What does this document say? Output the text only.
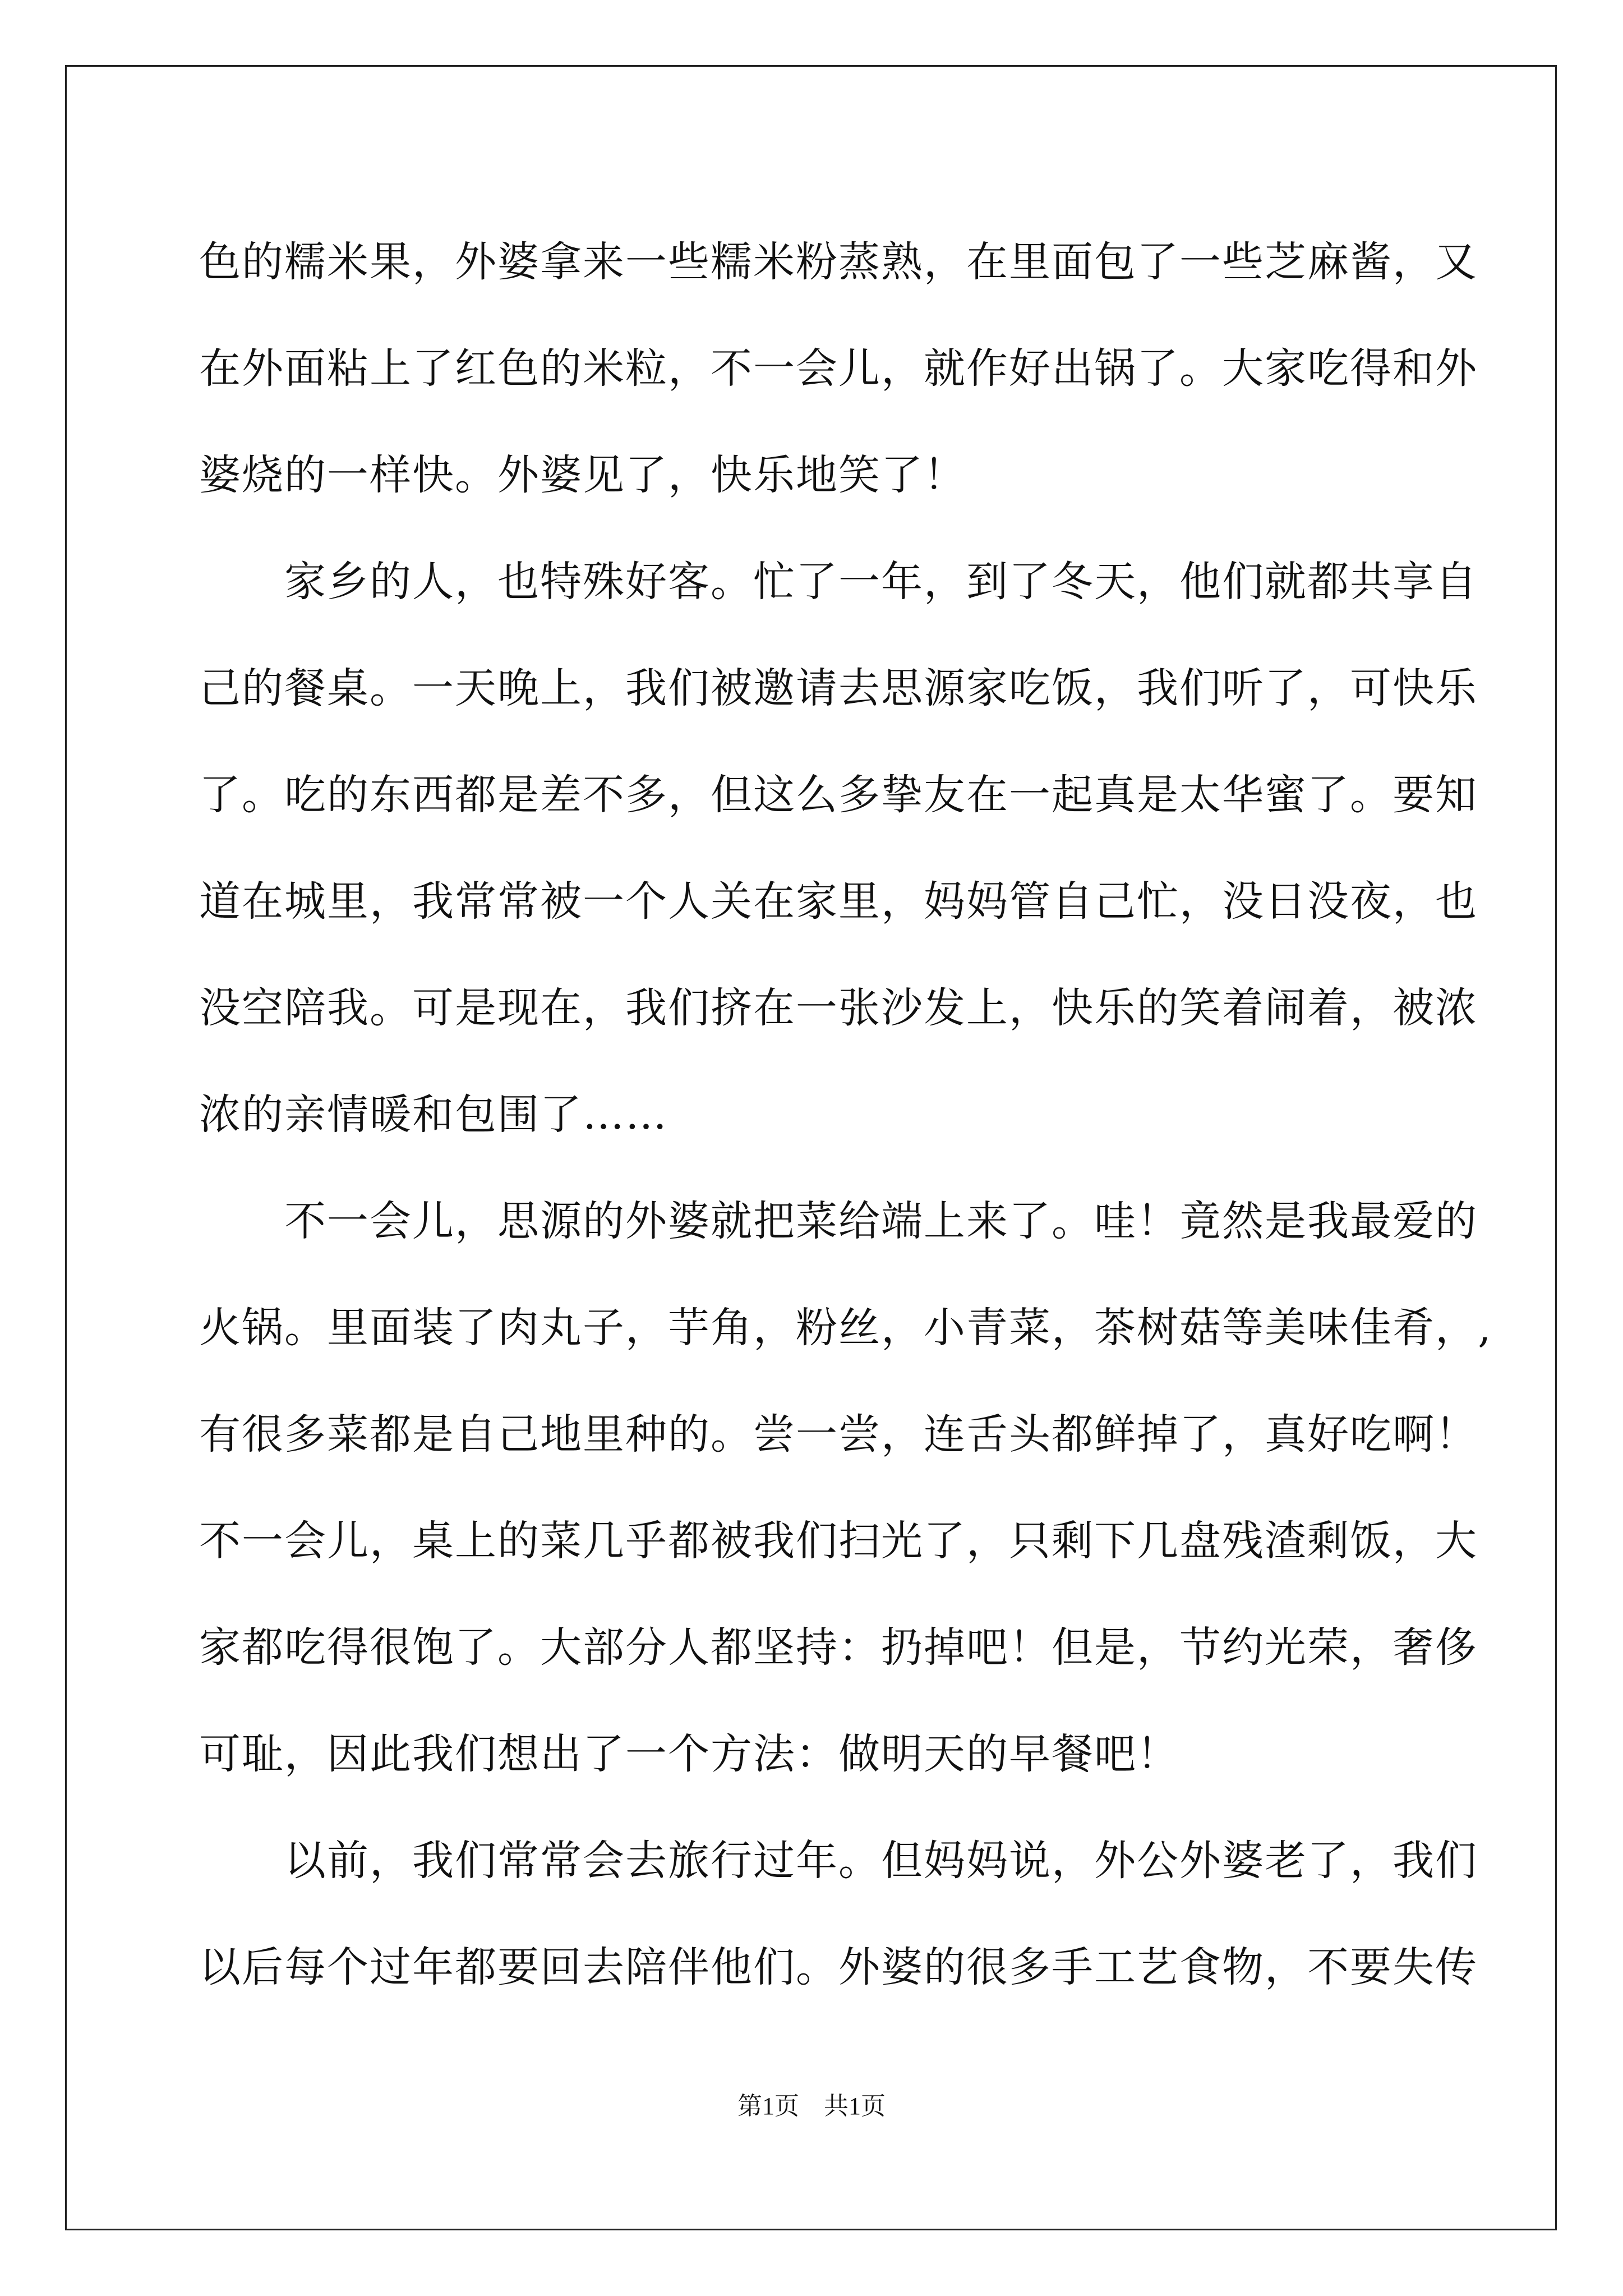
色的糯米果，外婆拿来一些糯米粉蒸熟，在里面包了一些芝麻酱，又
在外面粘上了红色的米粒，不一会儿，就作好出锅了。大家吃得和外
婆烧的一样快。外婆见了，快乐地笑了！
　　家乡的人，也特殊好客。忙了一年，到了冬天，他们就都共享自
己的餐桌。一天晚上，我们被邀请去思源家吃饭，我们听了，可快乐
了。吃的东西都是差不多，但这么多挚友在一起真是太华蜜了。要知
道在城里，我常常被一个人关在家里，妈妈管自己忙，没日没夜，也
没空陪我。可是现在，我们挤在一张沙发上，快乐的笑着闹着，被浓
浓的亲情暖和包围了……
　　不一会儿，思源的外婆就把菜给端上来了。哇！竟然是我最爱的
火锅。里面装了肉丸子，芋角，粉丝，小青菜，茶树菇等美味佳肴，,
有很多菜都是自己地里种的。尝一尝，连舌头都鲜掉了，真好吃啊！
不一会儿，桌上的菜几乎都被我们扫光了，只剩下几盘残渣剩饭，大
家都吃得很饱了。大部分人都坚持：扔掉吧！但是，节约光荣，奢侈
可耻，因此我们想出了一个方法：做明天的早餐吧！
　　以前，我们常常会去旅行过年。但妈妈说，外公外婆老了，我们
以后每个过年都要回去陪伴他们。外婆的很多手工艺食物，不要失传
第1页　共1页
